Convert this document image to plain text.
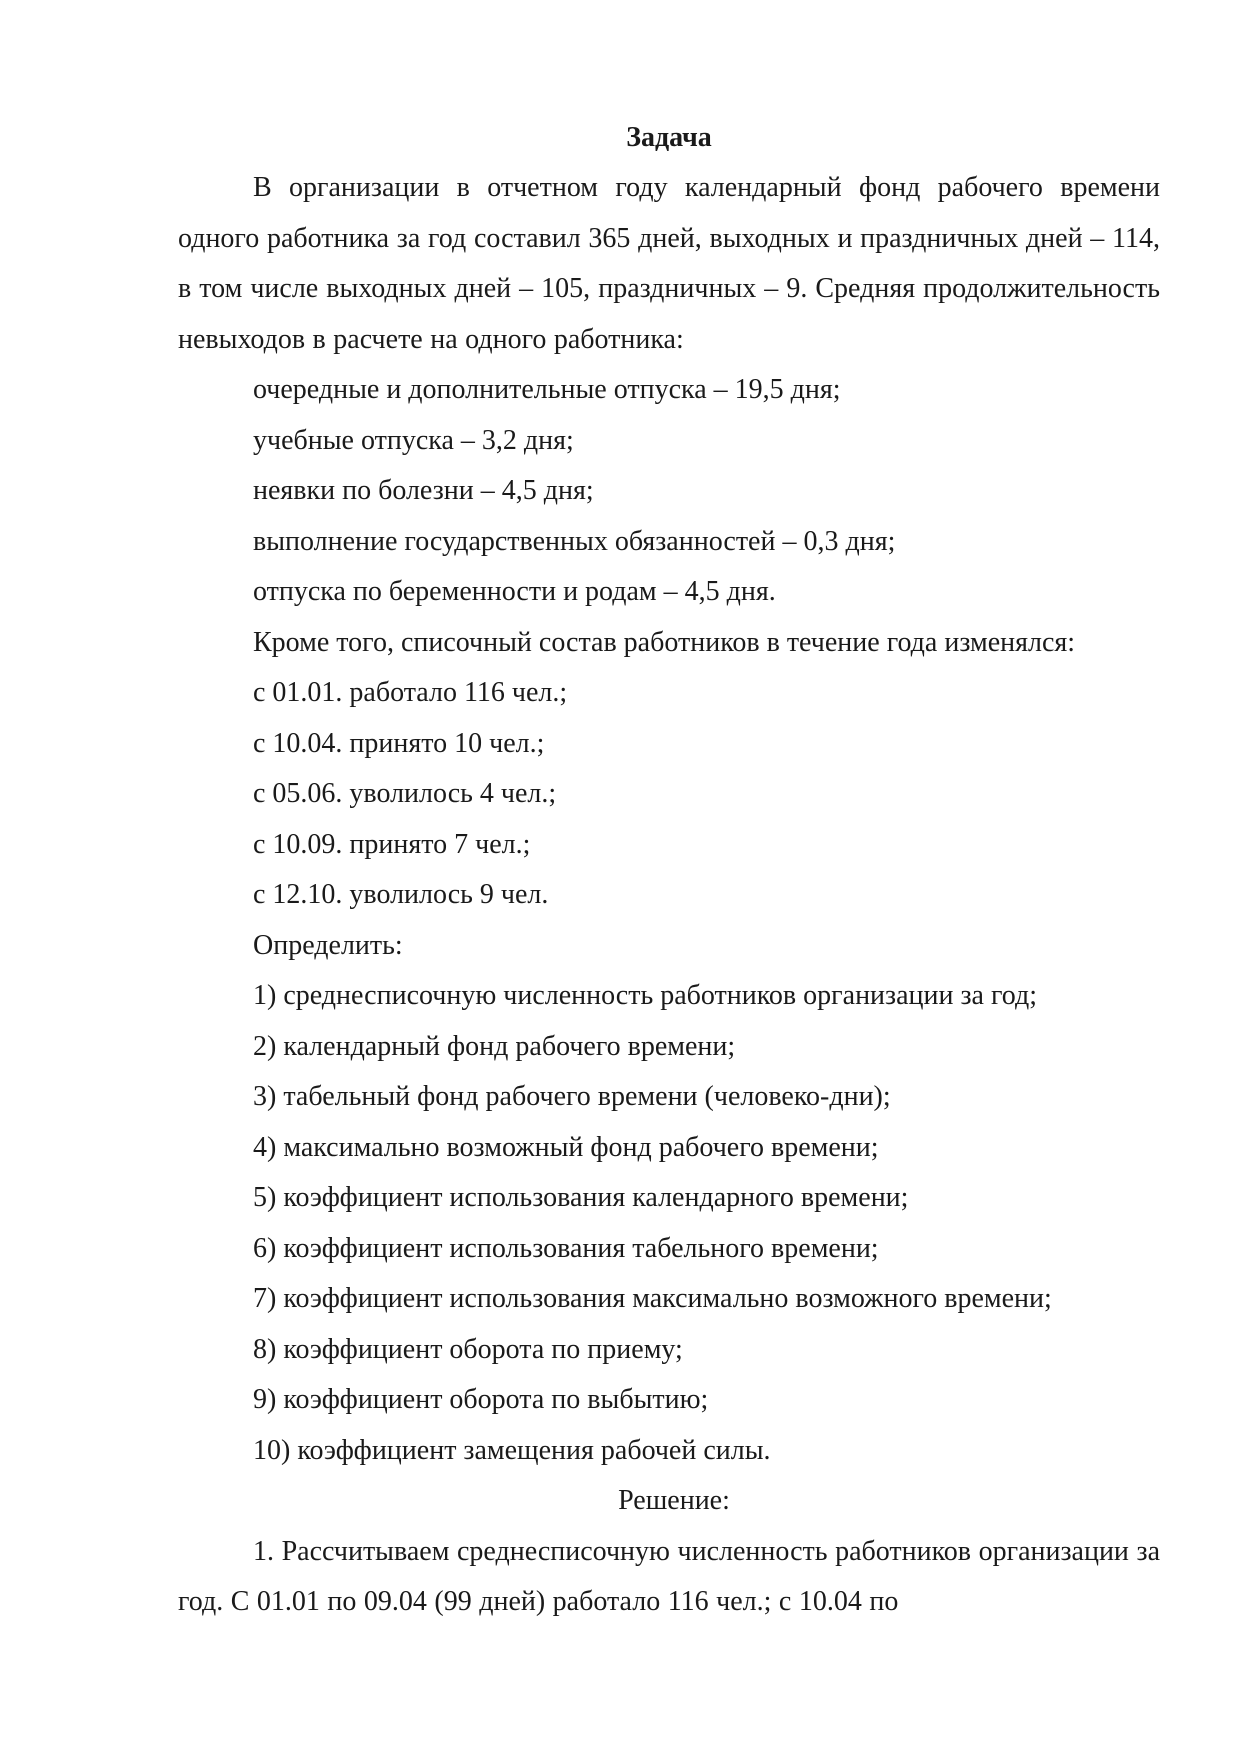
Задача

В организации в отчетном году календарный фонд рабочего времени одного работника за год составил 365 дней, выходных и праздничных дней – 114, в том числе выходных дней – 105, праздничных – 9. Средняя продолжительность невыходов в расчете на одного работника:

очередные и дополнительные отпуска – 19,5 дня;

учебные отпуска – 3,2 дня;

неявки по болезни – 4,5 дня;

выполнение государственных обязанностей – 0,3 дня;

отпуска по беременности и родам – 4,5 дня.

Кроме того, списочный состав работников в течение года изменялся:

с 01.01. работало 116 чел.;

с 10.04. принято 10 чел.;

с 05.06. уволилось 4 чел.;

с 10.09. принято 7 чел.;

с 12.10. уволилось 9 чел.

Определить:

1) среднесписочную численность работников организации за год;

2) календарный фонд рабочего времени;

3) табельный фонд рабочего времени (человеко-дни);

4) максимально возможный фонд рабочего времени;

5) коэффициент использования календарного времени;

6) коэффициент использования табельного времени;

7) коэффициент использования максимально возможного времени;

8) коэффициент оборота по приему;

9) коэффициент оборота по выбытию;

10) коэффициент замещения рабочей силы.

Решение:

1. Рассчитываем среднесписочную численность работников организации за год. С 01.01 по 09.04 (99 дней) работало 116 чел.; с 10.04 по
